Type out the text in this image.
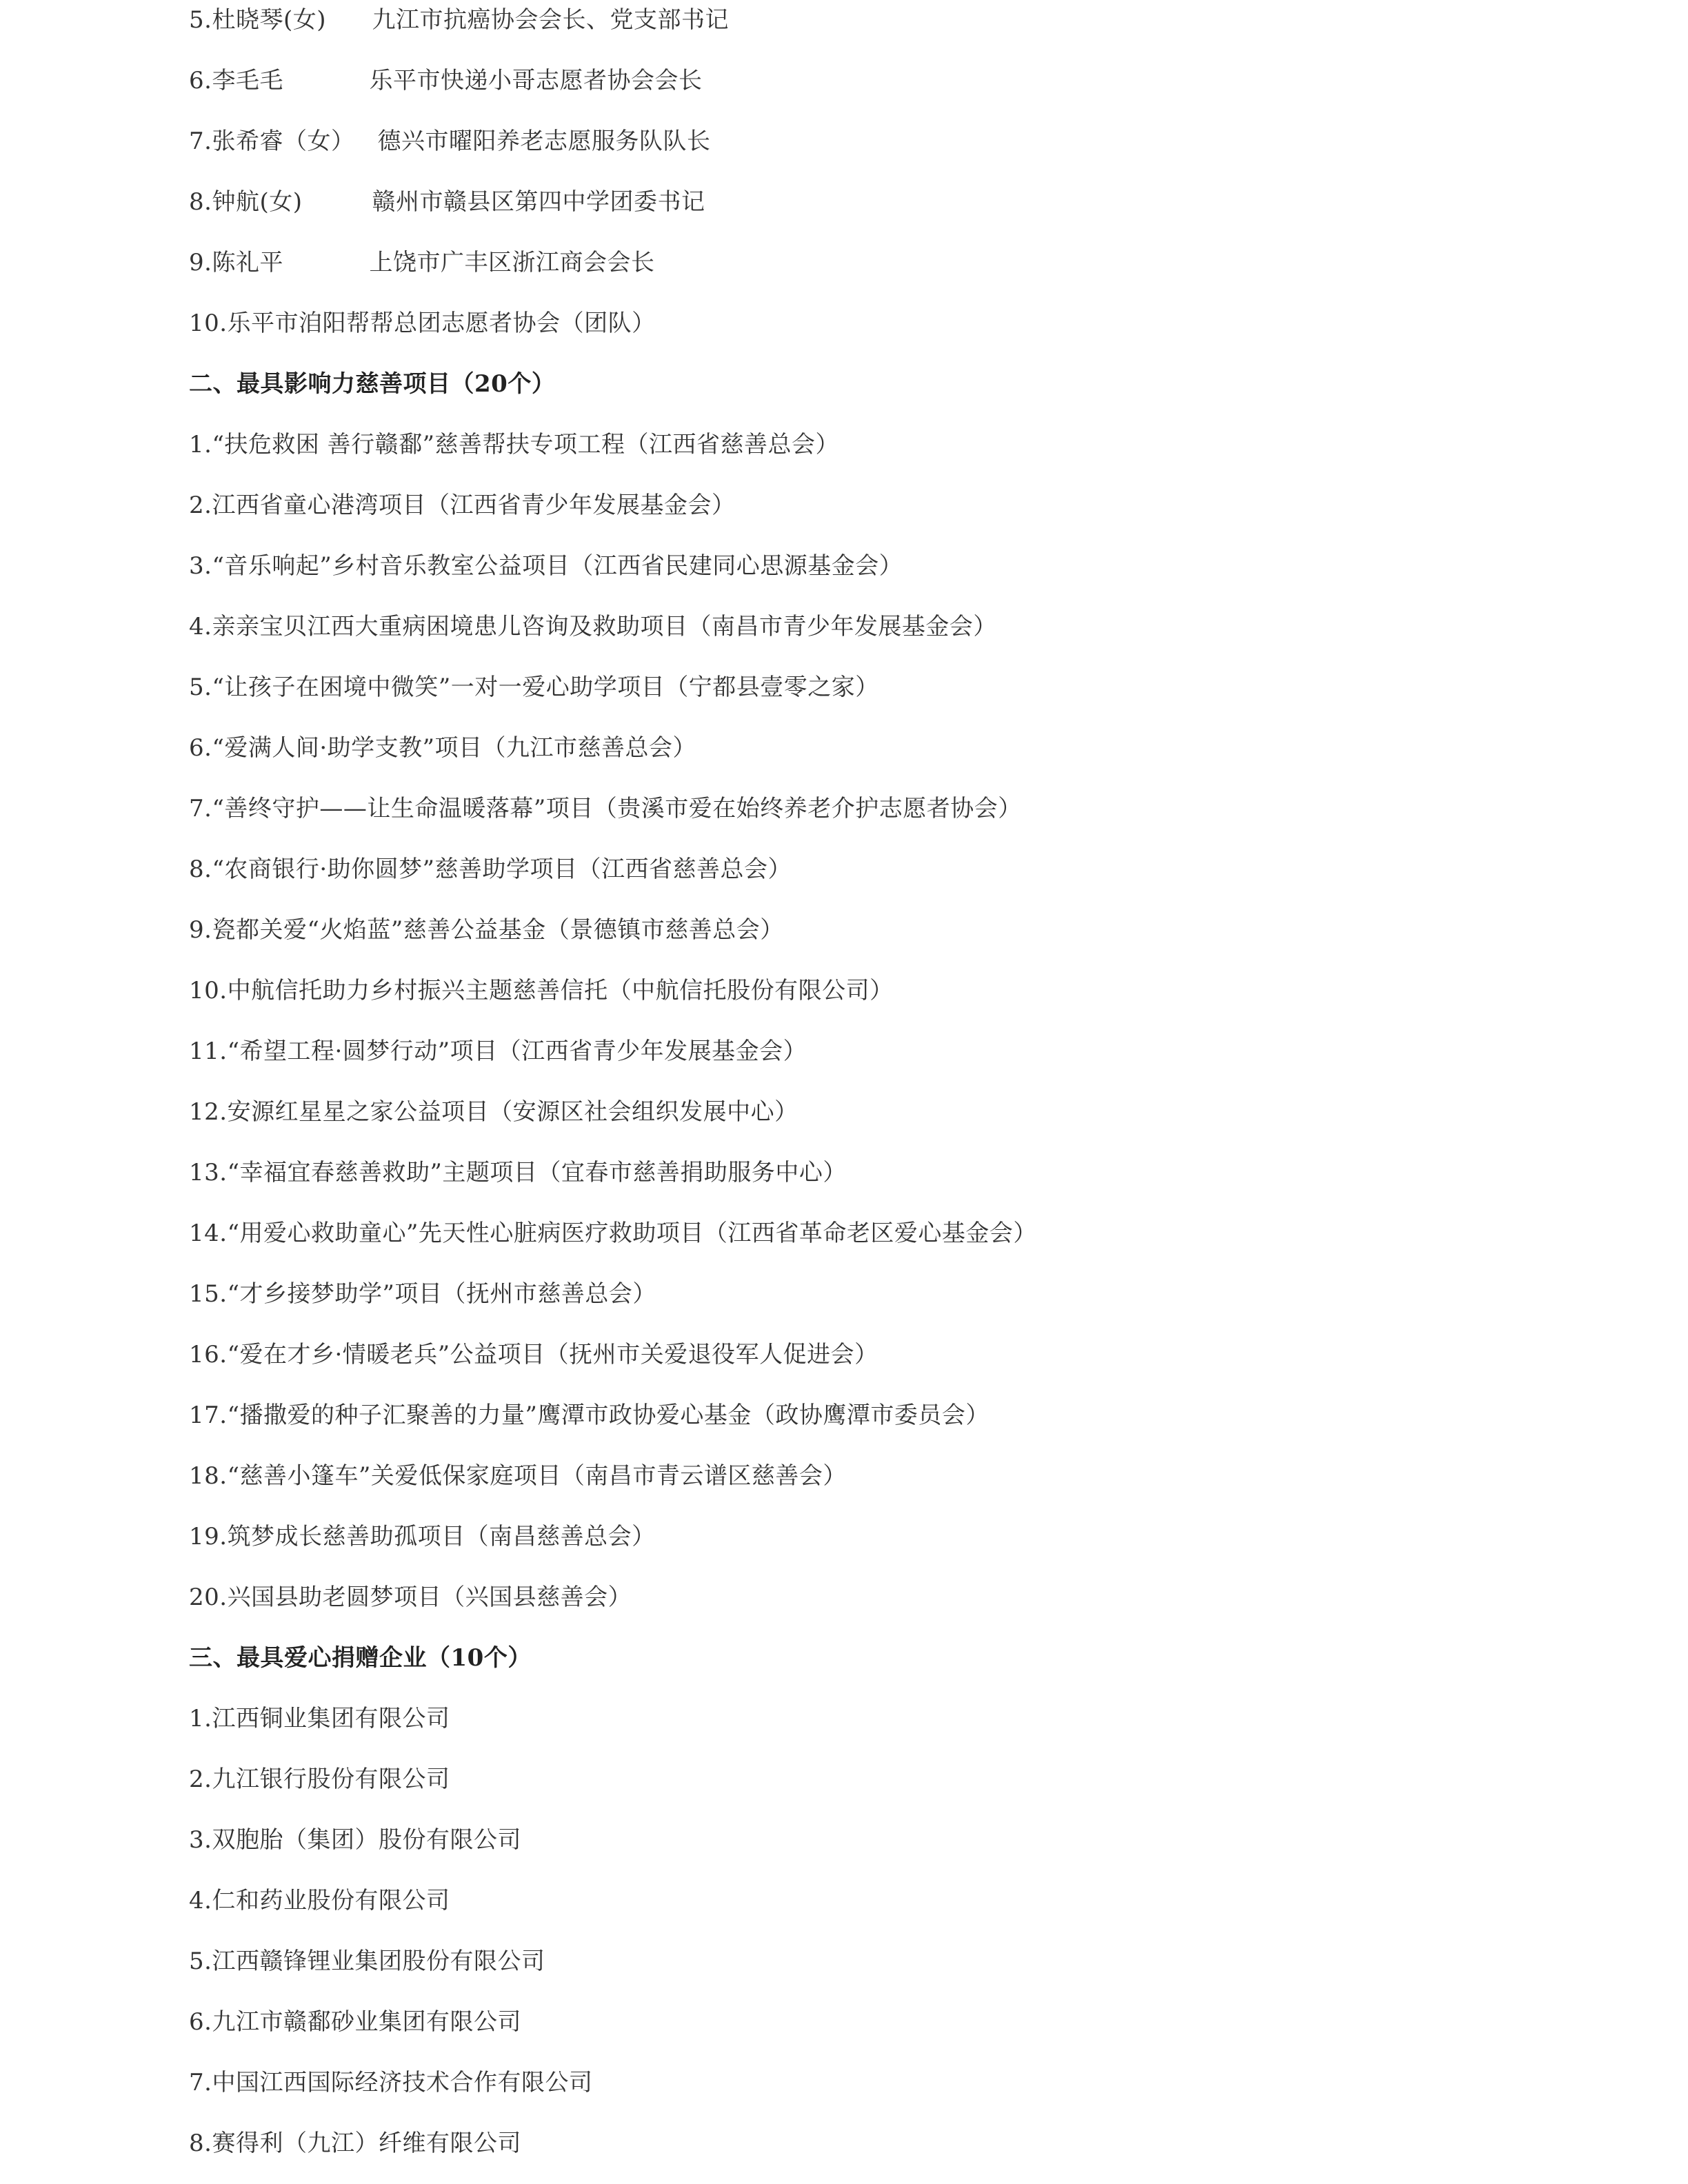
5.杜晓琴(女) 九江市抗癌协会会长、党支部书记
6.李毛毛	乐平市快递小哥志愿者协会会长
7.张希睿（女） 德兴市曜阳养老志愿服务队队长
8.钟航(女)	赣州市赣县区第四中学团委书记
9.陈礼平	上饶市广丰区浙江商会会长
10.乐平市洎阳帮帮总团志愿者协会（团队）
二、最具影响力慈善项目（20个）
1.“扶危救困 善行赣鄱”慈善帮扶专项工程（江西省慈善总会）
2.江西省童心港湾项目（江西省青少年发展基金会）
3.“音乐响起”乡村音乐教室公益项目（江西省民建同心思源基金会）
4.亲亲宝贝江西大重病困境患儿咨询及救助项目（南昌市青少年发展基金会）
5.“让孩子在困境中微笑”一对一爱心助学项目（宁都县壹零之家）
6.“爱满人间·助学支教”项目（九江市慈善总会）
7.“善终守护——让生命温暖落幕”项目（贵溪市爱在始终养老介护志愿者协会）
8.“农商银行·助你圆梦”慈善助学项目（江西省慈善总会）
9.瓷都关爱“火焰蓝”慈善公益基金（景德镇市慈善总会）
10.中航信托助力乡村振兴主题慈善信托（中航信托股份有限公司）
11.“希望工程·圆梦行动”项目（江西省青少年发展基金会）
12.安源红星星之家公益项目（安源区社会组织发展中心）
13.“幸福宜春慈善救助”主题项目（宜春市慈善捐助服务中心）
14.“用爱心救助童心”先天性心脏病医疗救助项目（江西省革命老区爱心基金会）
15.“才乡接梦助学”项目（抚州市慈善总会）
16.“爱在才乡·情暖老兵”公益项目（抚州市关爱退役军人促进会）
17.“播撒爱的种子汇聚善的力量”鹰潭市政协爱心基金（政协鹰潭市委员会）
18.“慈善小篷车”关爱低保家庭项目（南昌市青云谱区慈善会）
19.筑梦成长慈善助孤项目（南昌慈善总会）
20.兴国县助老圆梦项目（兴国县慈善会）
三、最具爱心捐赠企业（10个）
1.江西铜业集团有限公司
2.九江银行股份有限公司
3.双胞胎（集团）股份有限公司
4.仁和药业股份有限公司
5.江西赣锋锂业集团股份有限公司
6.九江市赣鄱砂业集团有限公司
7.中国江西国际经济技术合作有限公司
8.赛得利（九江）纤维有限公司
